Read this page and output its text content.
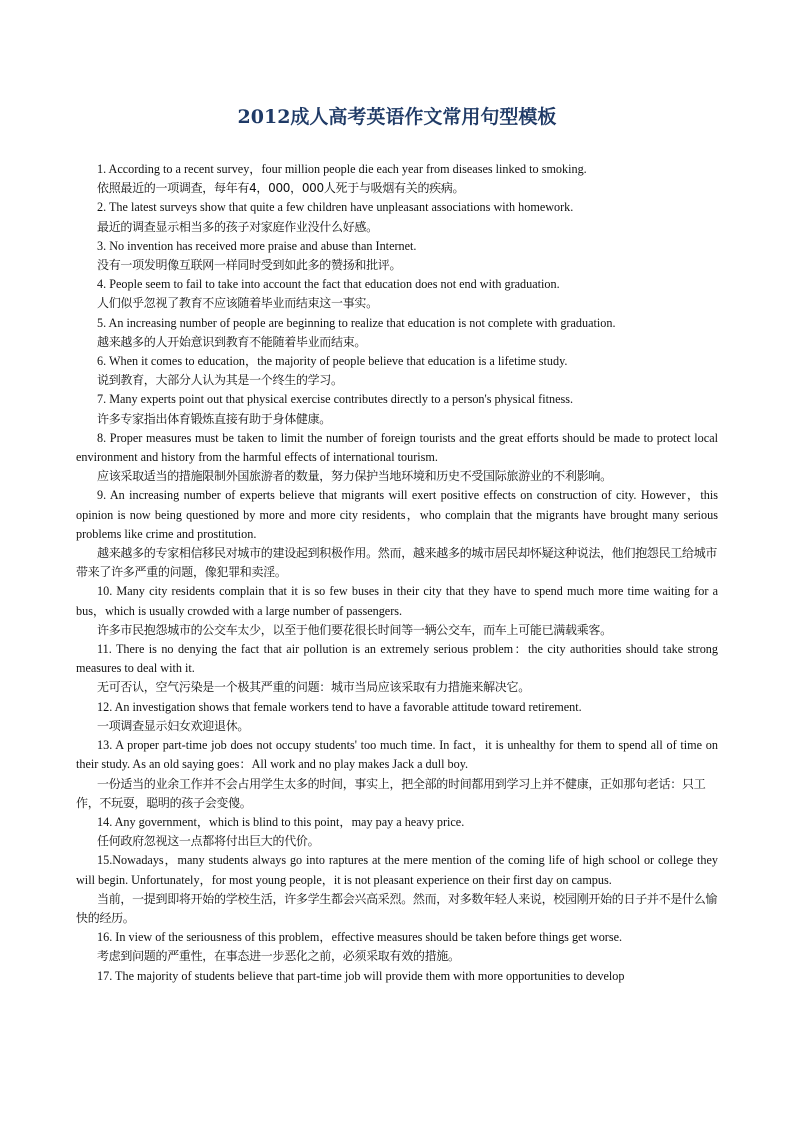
2012成人高考英语作文常用句型模板

1. According to a recent survey，four million people die each year from diseases linked to smoking.

依照最近的一项调查，每年有4，000，000人死于与吸烟有关的疾病。

2. The latest surveys show that quite a few children have unpleasant associations with homework.

最近的调查显示相当多的孩子对家庭作业没什么好感。

3. No invention has received more praise and abuse than Internet.

没有一项发明像互联网一样同时受到如此多的赞扬和批评。

4. People seem to fail to take into account the fact that education does not end with graduation.

人们似乎忽视了教育不应该随着毕业而结束这一事实。

5. An increasing number of people are beginning to realize that education is not complete with graduation.

越来越多的人开始意识到教育不能随着毕业而结束。

6. When it comes to education，the majority of people believe that education is a lifetime study.

说到教育，大部分人认为其是一个终生的学习。

7. Many experts point out that physical exercise contributes directly to a person's physical fitness.

许多专家指出体育锻炼直接有助于身体健康。

8. Proper measures must be taken to limit the number of foreign tourists and the great efforts should be made to protect local environment and history from the harmful effects of international tourism.

应该采取适当的措施限制外国旅游者的数量，努力保护当地环境和历史不受国际旅游业的不利影响。

9. An increasing number of experts believe that migrants will exert positive effects on construction of city. However，this opinion is now being questioned by more and more city residents，who complain that the migrants have brought many serious problems like crime and prostitution.

越来越多的专家相信移民对城市的建设起到积极作用。然而，越来越多的城市居民却怀疑这种说法，他们抱怨民工给城市带来了许多严重的问题，像犯罪和卖淫。

10. Many city residents complain that it is so few buses in their city that they have to spend much more time waiting for a bus，which is usually crowded with a large number of passengers.

许多市民抱怨城市的公交车太少，以至于他们要花很长时间等一辆公交车，而车上可能已满载乘客。

11. There is no denying the fact that air pollution is an extremely serious problem：the city authorities should take strong measures to deal with it.

无可否认，空气污染是一个极其严重的问题：城市当局应该采取有力措施来解决它。

12. An investigation shows that female workers tend to have a favorable attitude toward retirement.

一项调查显示妇女欢迎退休。

13. A proper part-time job does not occupy students' too much time. In fact，it is unhealthy for them to spend all of time on their study. As an old saying goes：All work and no play makes Jack a dull boy.

一份适当的业余工作并不会占用学生太多的时间，事实上，把全部的时间都用到学习上并不健康，正如那句老话：只工作，不玩耍，聪明的孩子会变傻。

14. Any government，which is blind to this point，may pay a heavy price.

任何政府忽视这一点都将付出巨大的代价。

15.Nowadays，many students always go into raptures at the mere mention of the coming life of high school or college they will begin. Unfortunately，for most young people，it is not pleasant experience on their first day on campus.

当前，一提到即将开始的学校生活，许多学生都会兴高采烈。然而，对多数年轻人来说，校园刚开始的日子并不是什么愉快的经历。

16. In view of the seriousness of this problem，effective measures should be taken before things get worse.

考虑到问题的严重性，在事态进一步恶化之前，必须采取有效的措施。

17. The majority of students believe that part-time job will provide them with more opportunities to develop
